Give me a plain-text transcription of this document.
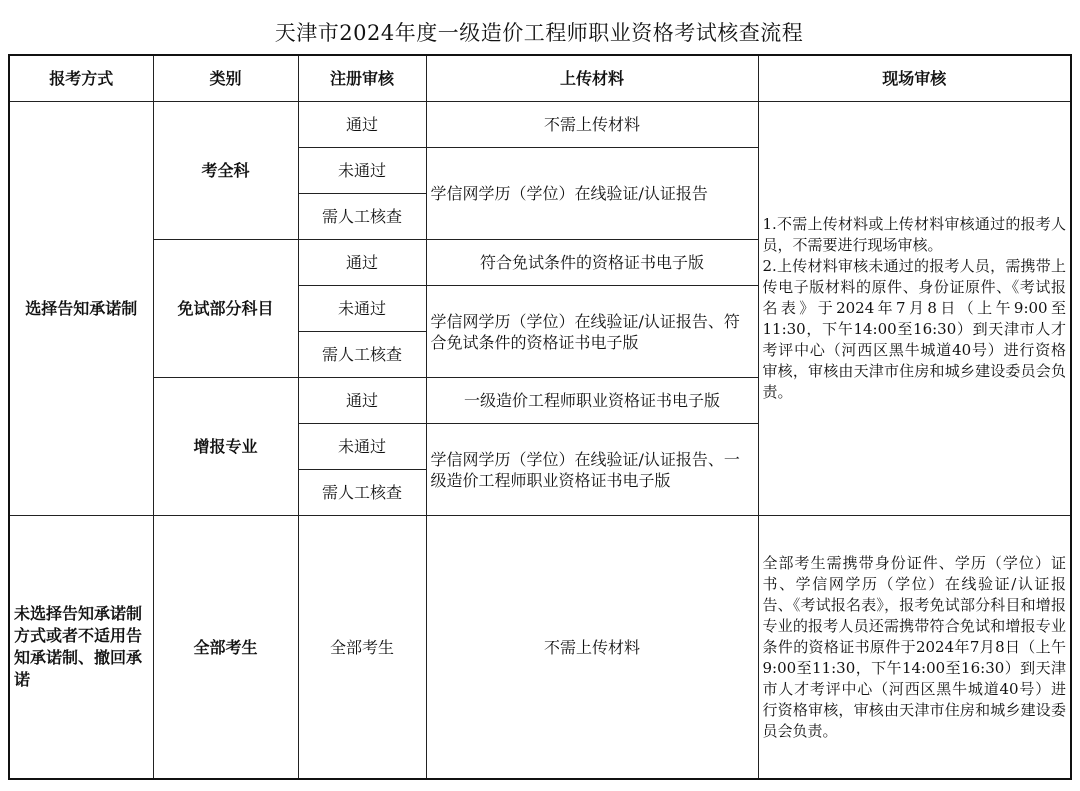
天津市2024年度一级造价工程师职业资格考试核查流程
报考方式	类别	注册审核	上传材料	现场审核
选择告知承诺制	考全科	通过	不需上传材料	1.不需上传材料或上传材料审核通过的报考人员，不需要进行现场审核。
2.上传材料审核未通过的报考人员，需携带上传电子版材料的原件、身份证原件、《考试报名表》于2024年7月8日（上午9:00至11:30，下午14:00至16:30）到天津市人才考评中心（河西区黑牛城道40号）进行资格审核，审核由天津市住房和城乡建设委员会负责。

		未通过	学信网学历（学位）在线验证/认证报告	
		需人工核查		
	免试部分科目	通过	符合免试条件的资格证书电子版	
		未通过	学信网学历（学位）在线验证/认证报告、符合免试条件的资格证书电子版	
		需人工核查		
	增报专业	通过	一级造价工程师职业资格证书电子版	
		未通过	学信网学历（学位）在线验证/认证报告、一级造价工程师职业资格证书电子版	
		需人工核查		
未选择告知承诺制方式或者不适用告知承诺制、撤回承诺	全部考生	全部考生	不需上传材料	全部考生需携带身份证件、学历（学位）证书、学信网学历（学位）在线验证/认证报告、《考试报名表》，报考免试部分科目和增报专业的报考人员还需携带符合免试和增报专业条件的资格证书原件于2024年7月8日（上午9:00至11:30，下午14:00至16:30）到天津市人才考评中心（河西区黑牛城道40号）进行资格审核，审核由天津市住房和城乡建设委员会负责。
